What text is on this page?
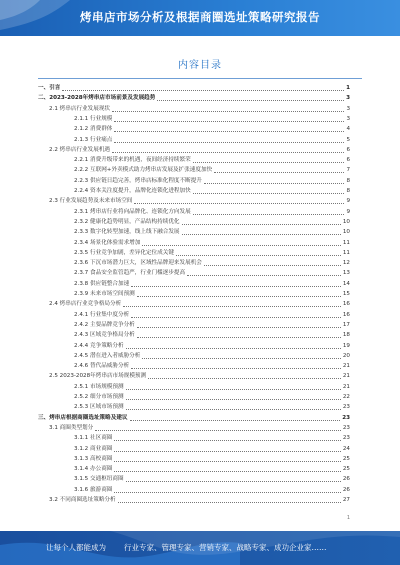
烤串店市场分析及根据商圈选址策略研究报告
内容目录
一、引言	1
二、2023-2028年烤串店市场前景及发展趋势	3
2.1 烤串店行业发展现状	3
2.1.1 行业规模	3
2.1.2 消费群体	4
2.1.3 行业痛点	5
2.2 烤串店行业发展机遇	6
2.2.1 消费升级带来的机遇，夜间经济持续繁荣	6
2.2.2 互联网+外卖模式助力烤串店发展及扩张速度加快	7
2.2.3 供应链日趋完善，烤串店标准化程度不断提升	8
2.2.4 资本关注度提升，品牌化连锁化进程加快	8
2.3 行业发展趋势及未来市场空间	9
2.3.1 烤串店行业将向品牌化、连锁化方向发展	9
2.3.2 健康化趋势明显，产品结构持续优化	10
2.3.3 数字化转型加速，线上线下融合发展	10
2.3.4 场景化体验需求增加	11
2.3.5 行业竞争加剧，差异化定位成关键	11
2.3.6 下沉市场潜力巨大，区域性品牌迎来发展机会	12
2.3.7 食品安全监管趋严，行业门槛逐步提高	13
2.3.8 供应链整合加速	14
2.3.9 未来市场空间预测	15
2.4 烤串店行业竞争格局分析	16
2.4.1 行业集中度分析	16
2.4.2 主要品牌竞争分析	17
2.4.3 区域竞争格局分析	18
2.4.4 竞争策略分析	19
2.4.5 潜在进入者威胁分析	20
2.4.6 替代品威胁分析	21
2.5 2023-2028年烤串店市场规模预测	21
2.5.1 市场规模预测	21
2.5.2 细分市场预测	22
2.5.3 区域市场预测	23
三、烤串店根据商圈选址策略及建议	23
3.1 商圈类型划分	23
3.1.1 社区商圈	23
3.1.2 商业商圈	24
3.1.3 高校商圈	25
3.1.4 办公商圈	25
3.1.5 交通枢纽商圈	26
3.1.6 旅游商圈	26
3.2 不同商圈选址策略分析	27
1
让每个人都能成为 行业专家、管理专家、营销专家、战略专家、成功企业家……
